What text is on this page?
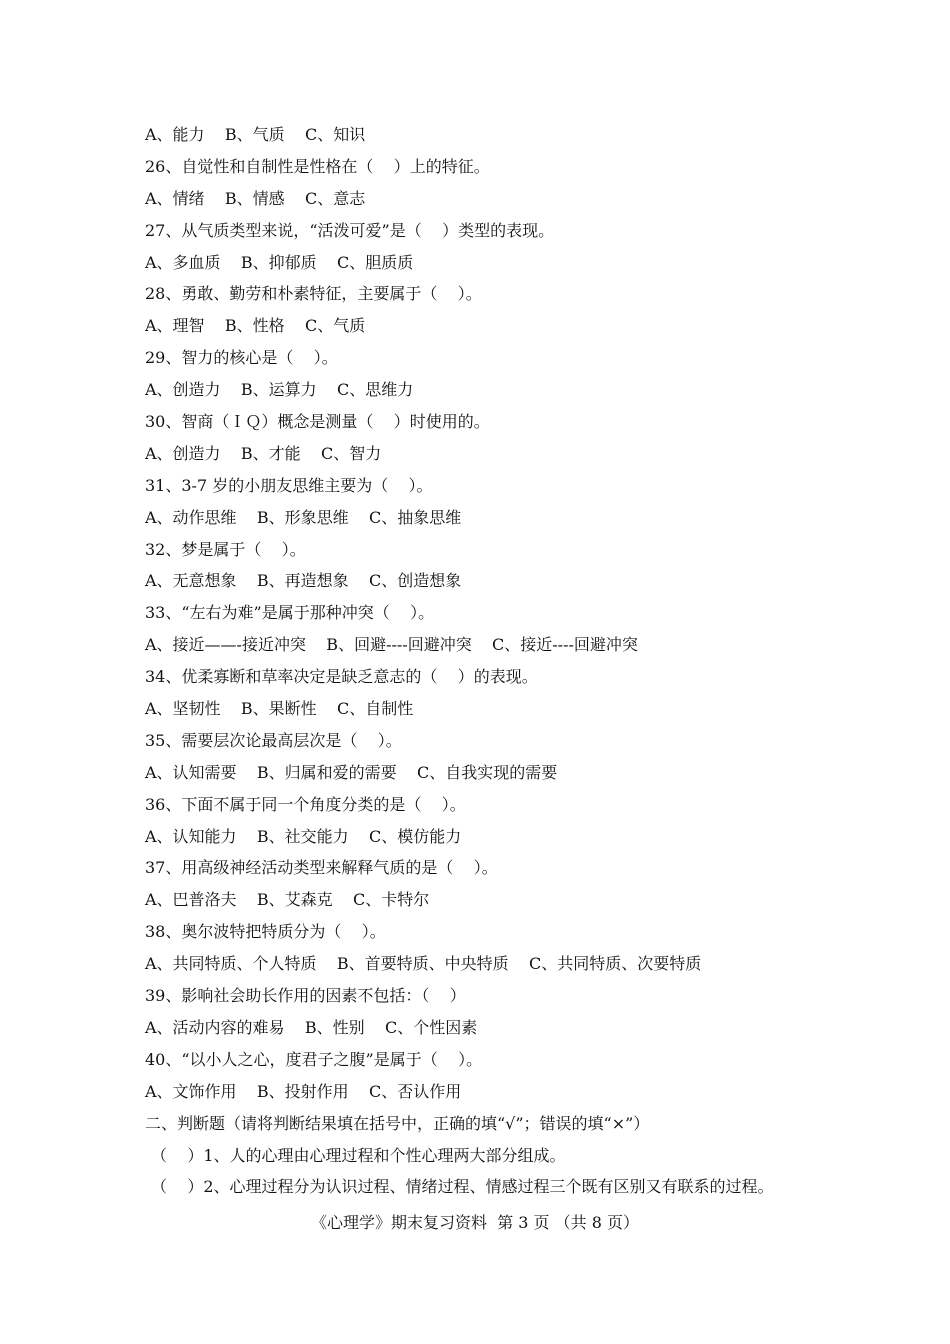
A、能力    B、气质    C、知识
26、自觉性和自制性是性格在（    ）上的特征。
A、情绪    B、情感    C、意志
27、从气质类型来说，“活泼可爱”是（    ）类型的表现。
A、多血质    B、抑郁质    C、胆质质
28、勇敢、勤劳和朴素特征，主要属于（    ）。
A、理智    B、性格    C、气质
29、智力的核心是（    ）。
A、创造力    B、运算力    C、思维力
30、智商（ＩＱ）概念是测量（    ）时使用的。
A、创造力    B、才能    C、智力
31、3-7 岁的小朋友思维主要为（    ）。
A、动作思维    B、形象思维    C、抽象思维
32、梦是属于（    ）。
A、无意想象    B、再造想象    C、创造想象
33、“左右为难”是属于那种冲突（    ）。
A、接近——-接近冲突    B、回避----回避冲突    C、接近----回避冲突
34、优柔寡断和草率决定是缺乏意志的（    ）的表现。
A、坚韧性    B、果断性    C、自制性
35、需要层次论最高层次是（    ）。
A、认知需要    B、归属和爱的需要    C、自我实现的需要
36、下面不属于同一个角度分类的是（    ）。
A、认知能力    B、社交能力    C、模仿能力
37、用高级神经活动类型来解释气质的是（    ）。
A、巴普洛夫    B、艾森克    C、卡特尔
38、奥尔波特把特质分为（    ）。
A、共同特质、个人特质    B、首要特质、中央特质    C、共同特质、次要特质
39、影响社会助长作用的因素不包括：（    ）
A、活动内容的难易    B、性别    C、个性因素
40、“以小人之心，度君子之腹”是属于（    ）。
A、文饰作用    B、投射作用    C、否认作用
二、判断题（请将判断结果填在括号中，正确的填“√”；错误的填“×”）
（    ）1、人的心理由心理过程和个性心理两大部分组成。
（    ）2、心理过程分为认识过程、情绪过程、情感过程三个既有区别又有联系的过程。
《心理学》期末复习资料  第 3 页 （共 8 页）
